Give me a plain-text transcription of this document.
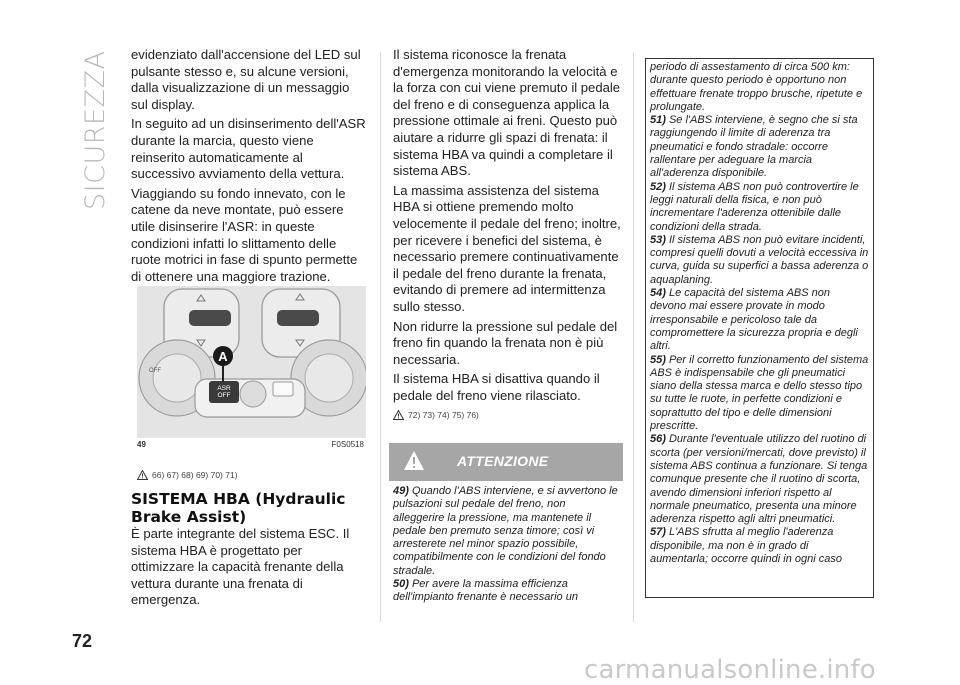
SICUREZZA evidenziato dall'accensione del LED sul pulsante stesso e, su alcune versioni, dalla visualizzazione di un messaggio sul display.

In seguito ad un disinserimento dell'ASR durante la marcia, questo viene reinserito automaticamente al successivo avviamento della vettura.

Viaggiando su fondo innevato, con le catene da neve montate, può essere utile disinserire l'ASR: in queste condizioni infatti lo slittamento delle ruote motrici in fase di spunto permette di ottenere una maggiore trazione.

A
ASR
OFF
OFF
49	F0S0518
66) 67) 68) 69) 70) 71)
SISTEMA HBA (Hydraulic Brake Assist)
È parte integrante del sistema ESC. Il sistema HBA è progettato per ottimizzare la capacità frenante della vettura durante una frenata di emergenza.

Il sistema riconosce la frenata d'emergenza monitorando la velocità e la forza con cui viene premuto il pedale del freno e di conseguenza applica la pressione ottimale ai freni. Questo può aiutare a ridurre gli spazi di frenata: il sistema HBA va quindi a completare il sistema ABS.

La massima assistenza del sistema HBA si ottiene premendo molto velocemente il pedale del freno; inoltre, per ricevere i benefici del sistema, è necessario premere continuativamente il pedale del freno durante la frenata, evitando di premere ad intermittenza sullo stesso.

Non ridurre la pressione sul pedale del freno fin quando la frenata non è più necessaria.

Il sistema HBA si disattiva quando il pedale del freno viene rilasciato.

72) 73) 74) 75) 76)
ATTENZIONE

49) Quando l'ABS interviene, e si avvertono le pulsazioni sul pedale del freno, non alleggerire la pressione, ma mantenete il pedale ben premuto senza timore; così vi arresterete nel minor spazio possibile, compatibilmente con le condizioni del fondo stradale.

50) Per avere la massima efficienza dell'impianto frenante è necessario un

periodo di assestamento di circa 500 km: durante questo periodo è opportuno non effettuare frenate troppo brusche, ripetute e prolungate.

51) Se l'ABS interviene, è segno che si sta raggiungendo il limite di aderenza tra pneumatici e fondo stradale: occorre rallentare per adeguare la marcia all'aderenza disponibile.

52) Il sistema ABS non può controvertire le leggi naturali della fisica, e non può incrementare l'aderenza ottenibile dalle condizioni della strada.

53) Il sistema ABS non può evitare incidenti, compresi quelli dovuti a velocità eccessiva in curva, guida su superfici a bassa aderenza o aquaplaning.

54) Le capacità del sistema ABS non devono mai essere provate in modo irresponsabile e pericoloso tale da compromettere la sicurezza propria e degli altri.

55) Per il corretto funzionamento del sistema ABS è indispensabile che gli pneumatici siano della stessa marca e dello stesso tipo su tutte le ruote, in perfette condizioni e soprattutto del tipo e delle dimensioni prescritte.

56) Durante l'eventuale utilizzo del ruotino di scorta (per versioni/mercati, dove previsto) il sistema ABS continua a funzionare. Si tenga comunque presente che il ruotino di scorta, avendo dimensioni inferiori rispetto al normale pneumatico, presenta una minore aderenza rispetto agli altri pneumatici.

57) L'ABS sfrutta al meglio l'aderenza disponibile, ma non è in grado di aumentarla; occorre quindi in ogni caso

72
carmanualsonline.info
